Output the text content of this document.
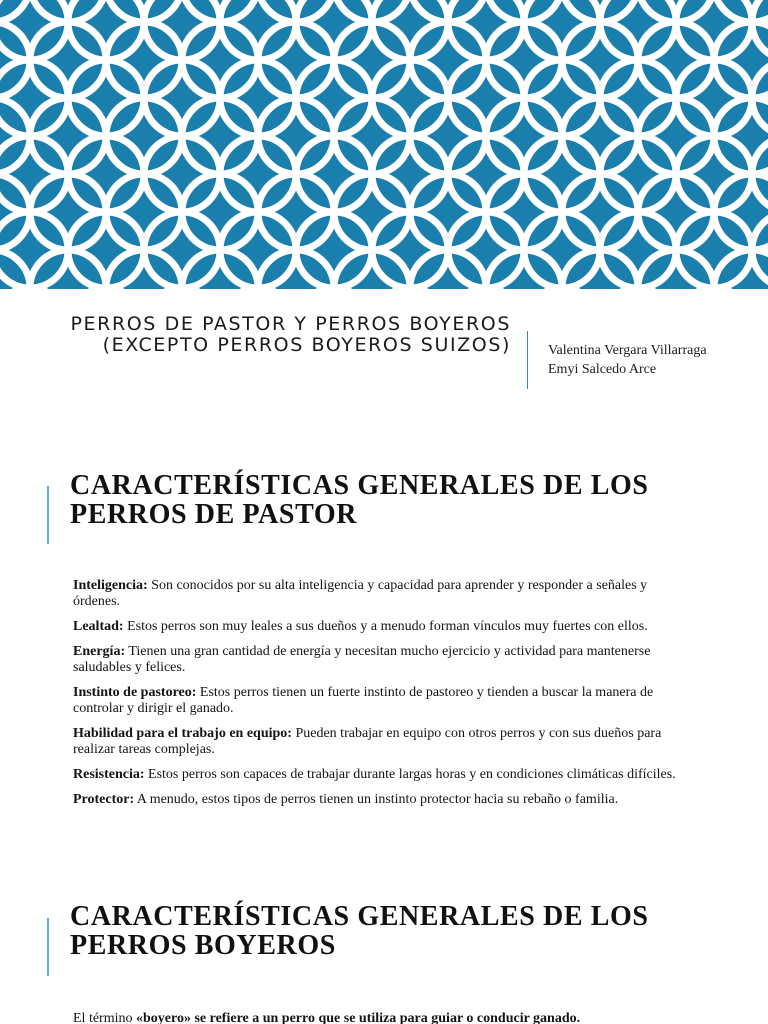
PERROS DE PASTOR Y PERROS BOYEROS (EXCEPTO PERROS BOYEROS SUIZOS)	Valentina Vergara Villarraga
Emyi Salcedo Arce
CARACTERÍSTICAS GENERALES DE LOS PERROS DE PASTOR

Inteligencia: Son conocidos por su alta inteligencia y capacidad para aprender y responder a señales y órdenes.

Lealtad: Estos perros son muy leales a sus dueños y a menudo forman vínculos muy fuertes con ellos.

Energía: Tienen una gran cantidad de energía y necesitan mucho ejercicio y actividad para mantenerse saludables y felices.

Instinto de pastoreo: Estos perros tienen un fuerte instinto de pastoreo y tienden a buscar la manera de controlar y dirigir el ganado.

Habilidad para el trabajo en equipo: Pueden trabajar en equipo con otros perros y con sus dueños para realizar tareas complejas.

Resistencia: Estos perros son capaces de trabajar durante largas horas y en condiciones climáticas difíciles.

Protector: A menudo, estos tipos de perros tienen un instinto protector hacia su rebaño o familia.

CARACTERÍSTICAS GENERALES DE LOS PERROS BOYEROS
El término «boyero» se refiere a un perro que se utiliza para guiar o conducir ganado.
